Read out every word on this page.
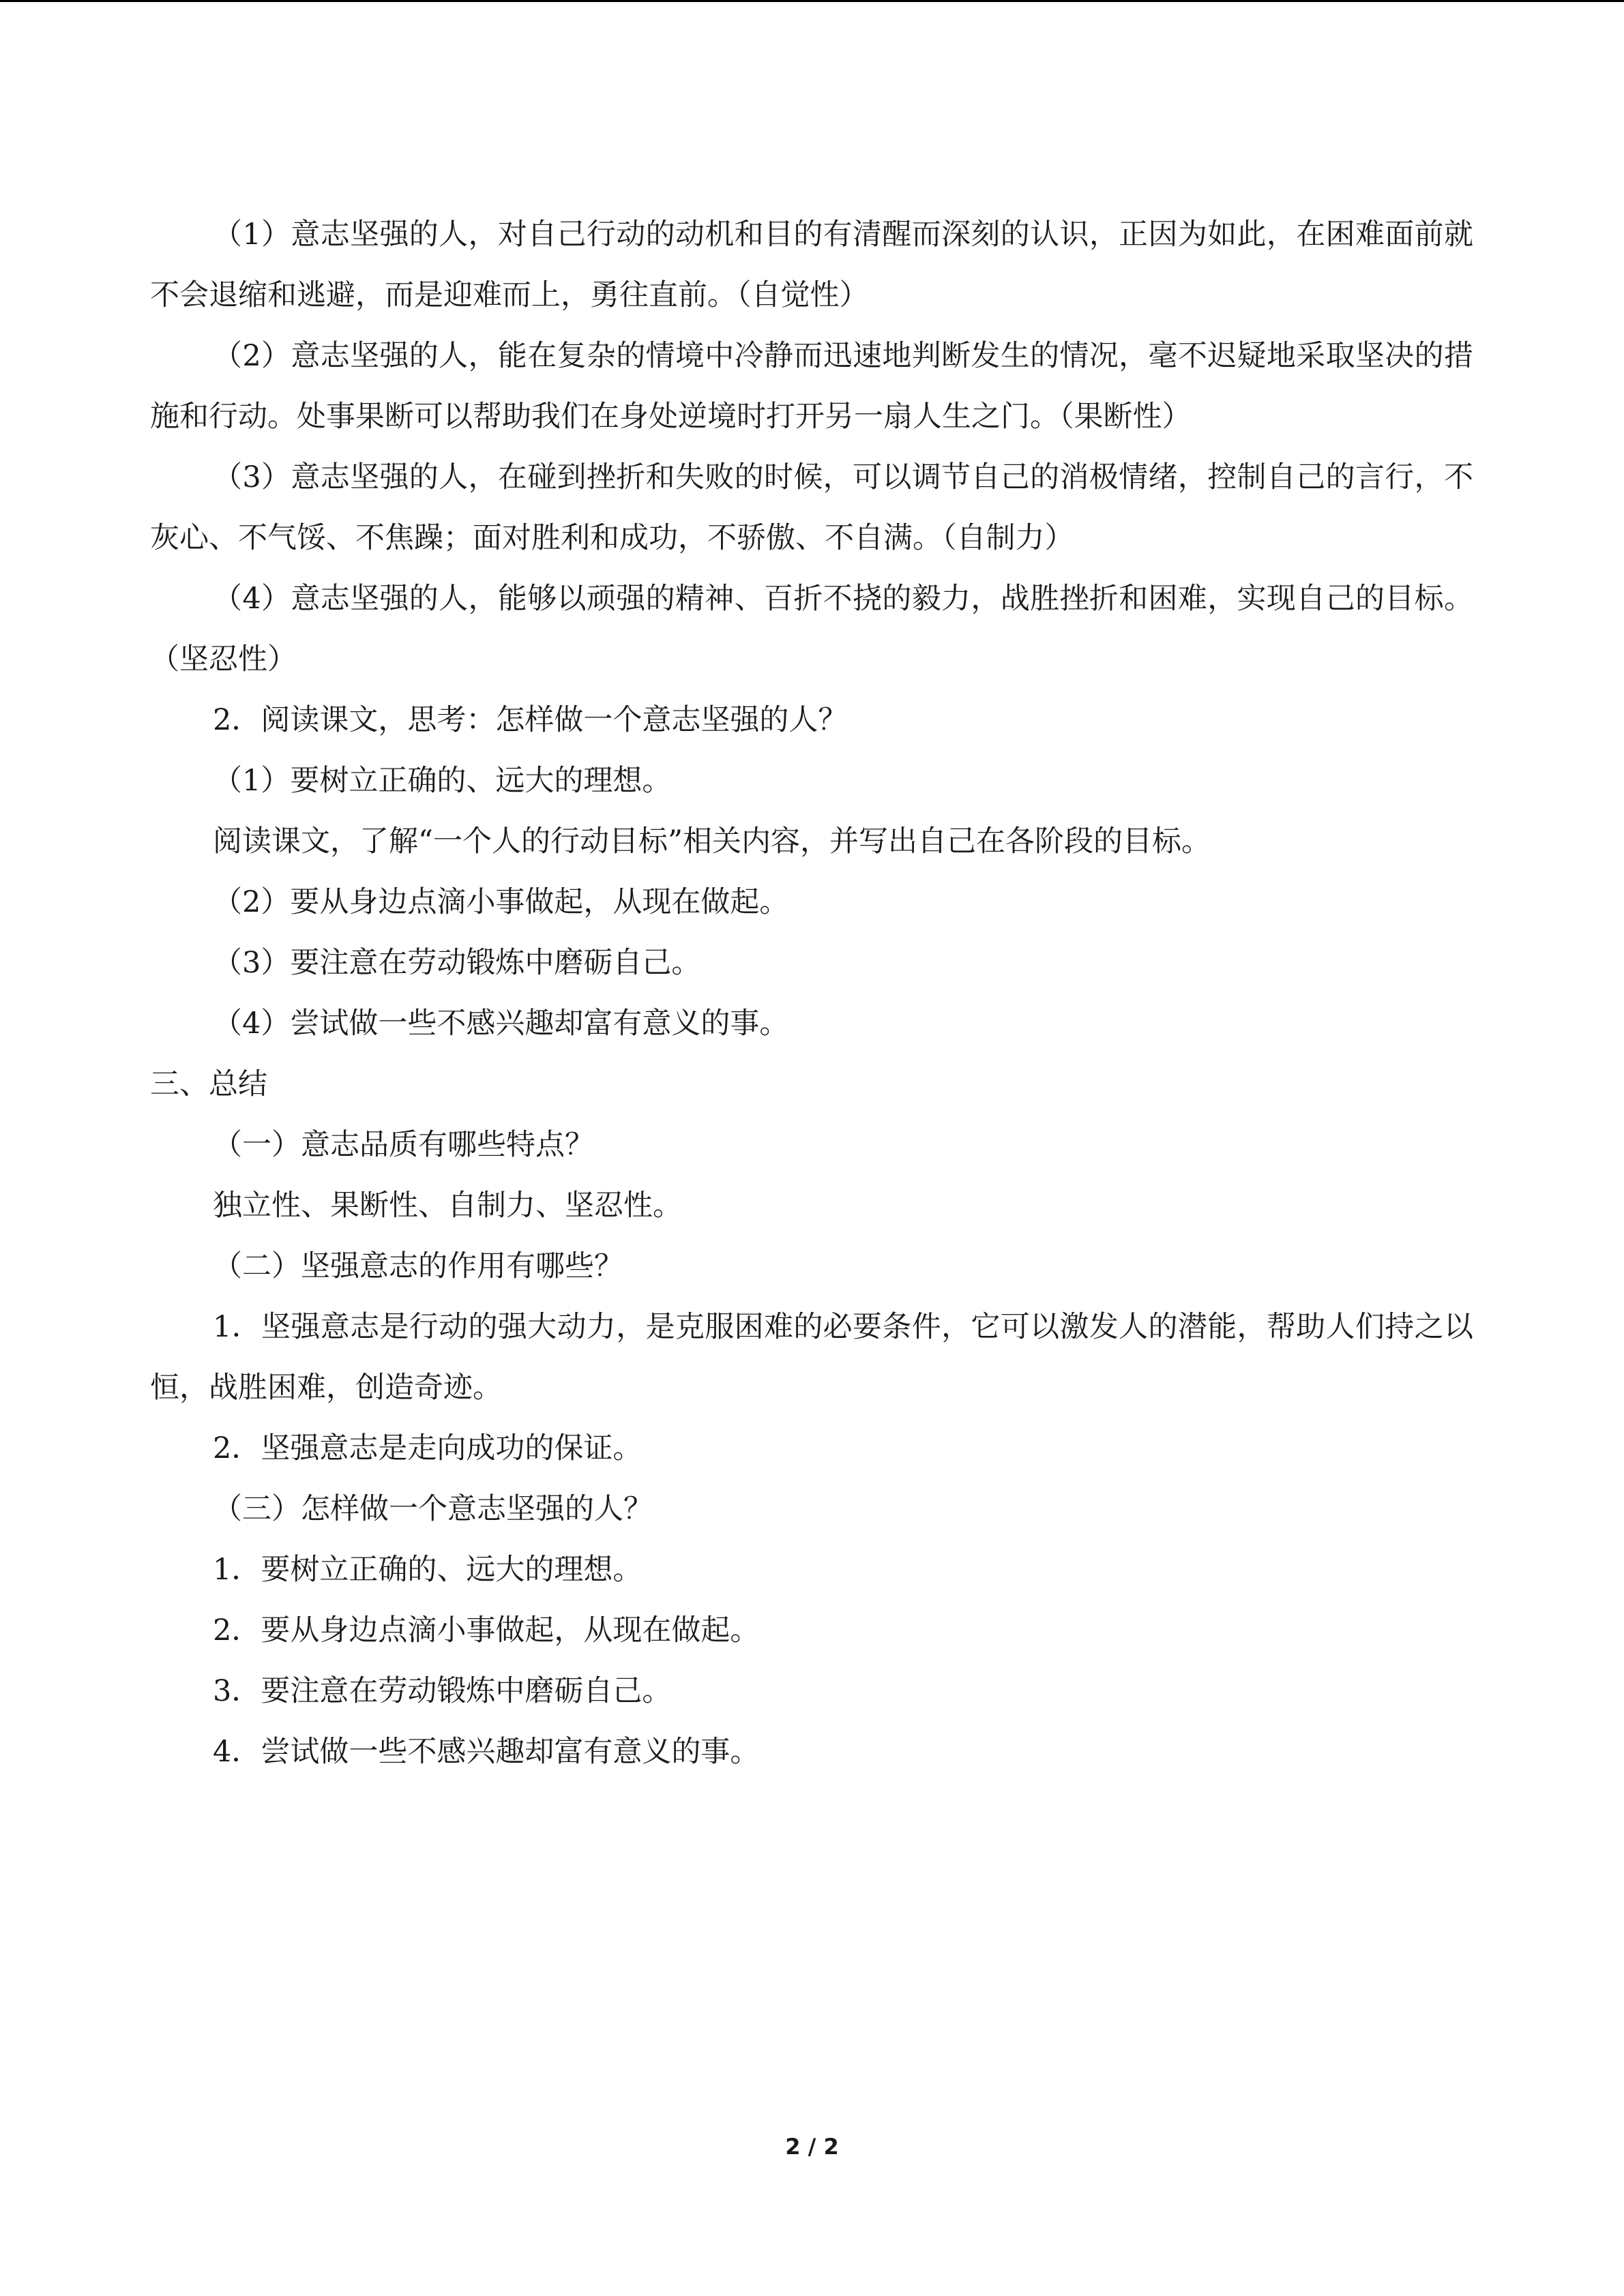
（1）意志坚强的人，对自己行动的动机和目的有清醒而深刻的认识，正因为如此，在困难面前就不会退缩和逃避，而是迎难而上，勇往直前。（自觉性）

（2）意志坚强的人，能在复杂的情境中冷静而迅速地判断发生的情况，毫不迟疑地采取坚决的措施和行动。处事果断可以帮助我们在身处逆境时打开另一扇人生之门。（果断性）

（3）意志坚强的人，在碰到挫折和失败的时候，可以调节自己的消极情绪，控制自己的言行，不灰心、不气馁、不焦躁；面对胜利和成功，不骄傲、不自满。（自制力）

（4）意志坚强的人，能够以顽强的精神、百折不挠的毅力，战胜挫折和困难，实现自己的目标。（坚忍性）

2．阅读课文，思考：怎样做一个意志坚强的人？

（1）要树立正确的、远大的理想。

阅读课文，了解“一个人的行动目标”相关内容，并写出自己在各阶段的目标。

（2）要从身边点滴小事做起，从现在做起。

（3）要注意在劳动锻炼中磨砺自己。

（4）尝试做一些不感兴趣却富有意义的事。

三、总结

（一）意志品质有哪些特点？

独立性、果断性、自制力、坚忍性。

（二）坚强意志的作用有哪些？

1．坚强意志是行动的强大动力，是克服困难的必要条件，它可以激发人的潜能，帮助人们持之以恒，战胜困难，创造奇迹。

2．坚强意志是走向成功的保证。

（三）怎样做一个意志坚强的人？

1．要树立正确的、远大的理想。

2．要从身边点滴小事做起，从现在做起。

3．要注意在劳动锻炼中磨砺自己。

4．尝试做一些不感兴趣却富有意义的事。

2 / 2
